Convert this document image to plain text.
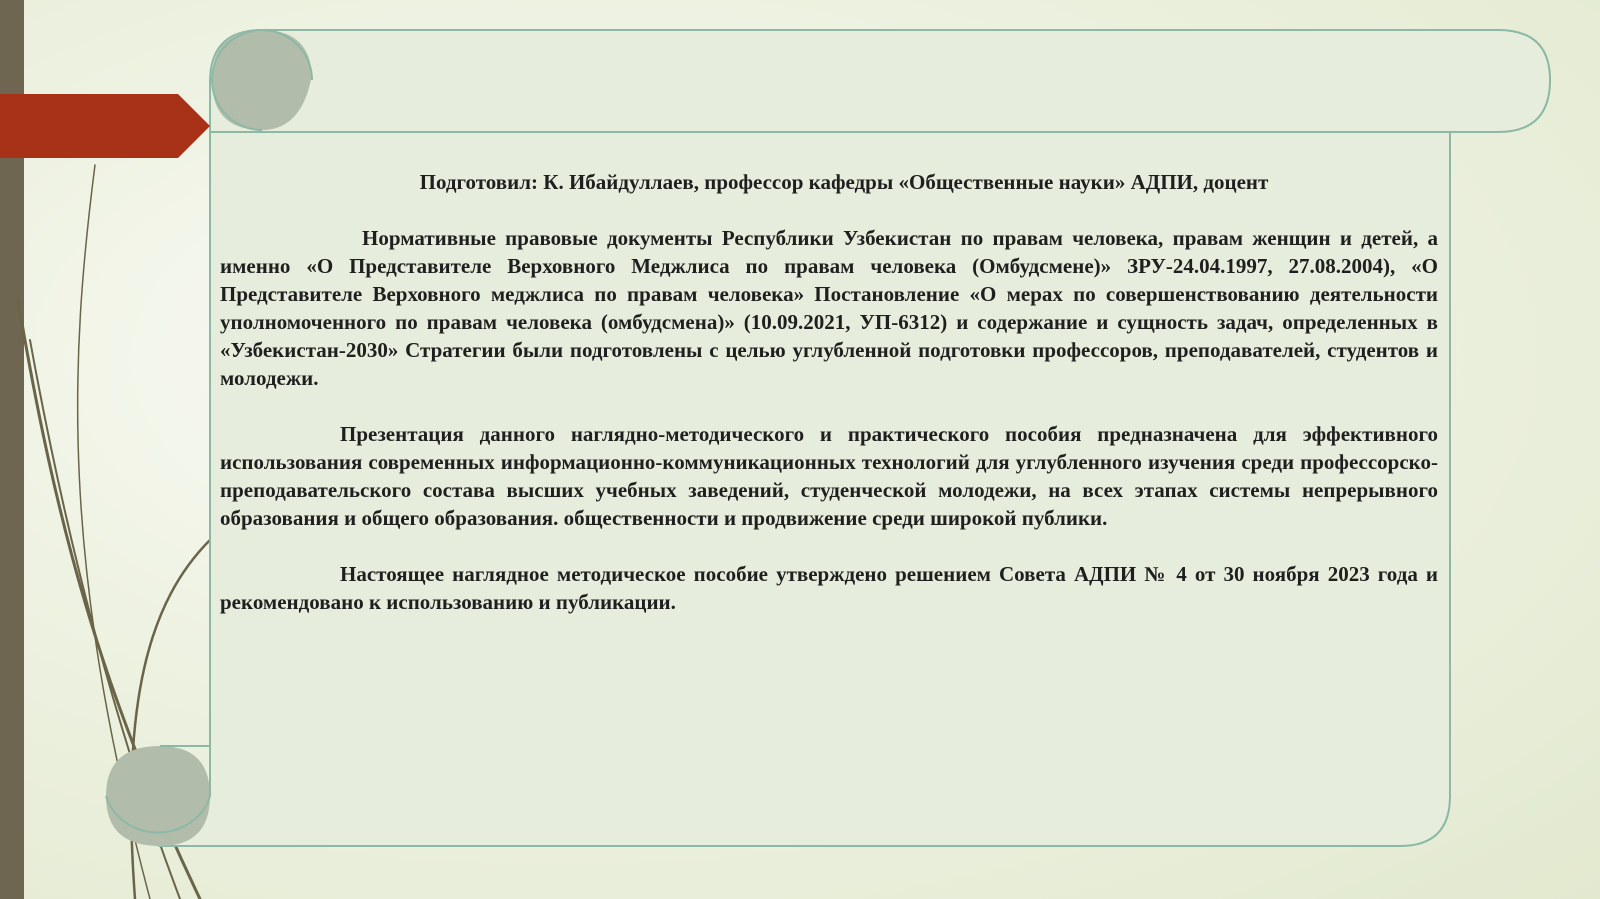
Подготовил: К. Ибайдуллаев, профессор кафедры «Общественные науки» АДПИ, доцент

Нормативные правовые документы Республики Узбекистан по правам человека, правам женщин и детей, а именно «О Представителе Верховного Меджлиса по правам человека (Омбудсмене)» ЗРУ-24.04.1997, 27.08.2004), «О Представителе Верховного меджлиса по правам человека» Постановление «О мерах по совершенствованию деятельности уполномоченного по правам человека (омбудсмена)» (10.09.2021, УП-6312) и содержание и сущность задач, определенных в «Узбекистан-2030» Стратегии были подготовлены с целью углубленной подготовки профессоров, преподавателей, студентов и молодежи.

Презентация данного наглядно-методического и практического пособия предназначена для эффективного использования современных информационно-коммуникационных технологий для углубленного изучения среди профессорско-преподавательского состава высших учебных заведений, студенческой молодежи, на всех этапах системы непрерывного образования и общего образования. общественности и продвижение среди широкой публики.

Настоящее наглядное методическое пособие утверждено решением Совета АДПИ № 4 от 30 ноября 2023 года и рекомендовано к использованию и публикации.
